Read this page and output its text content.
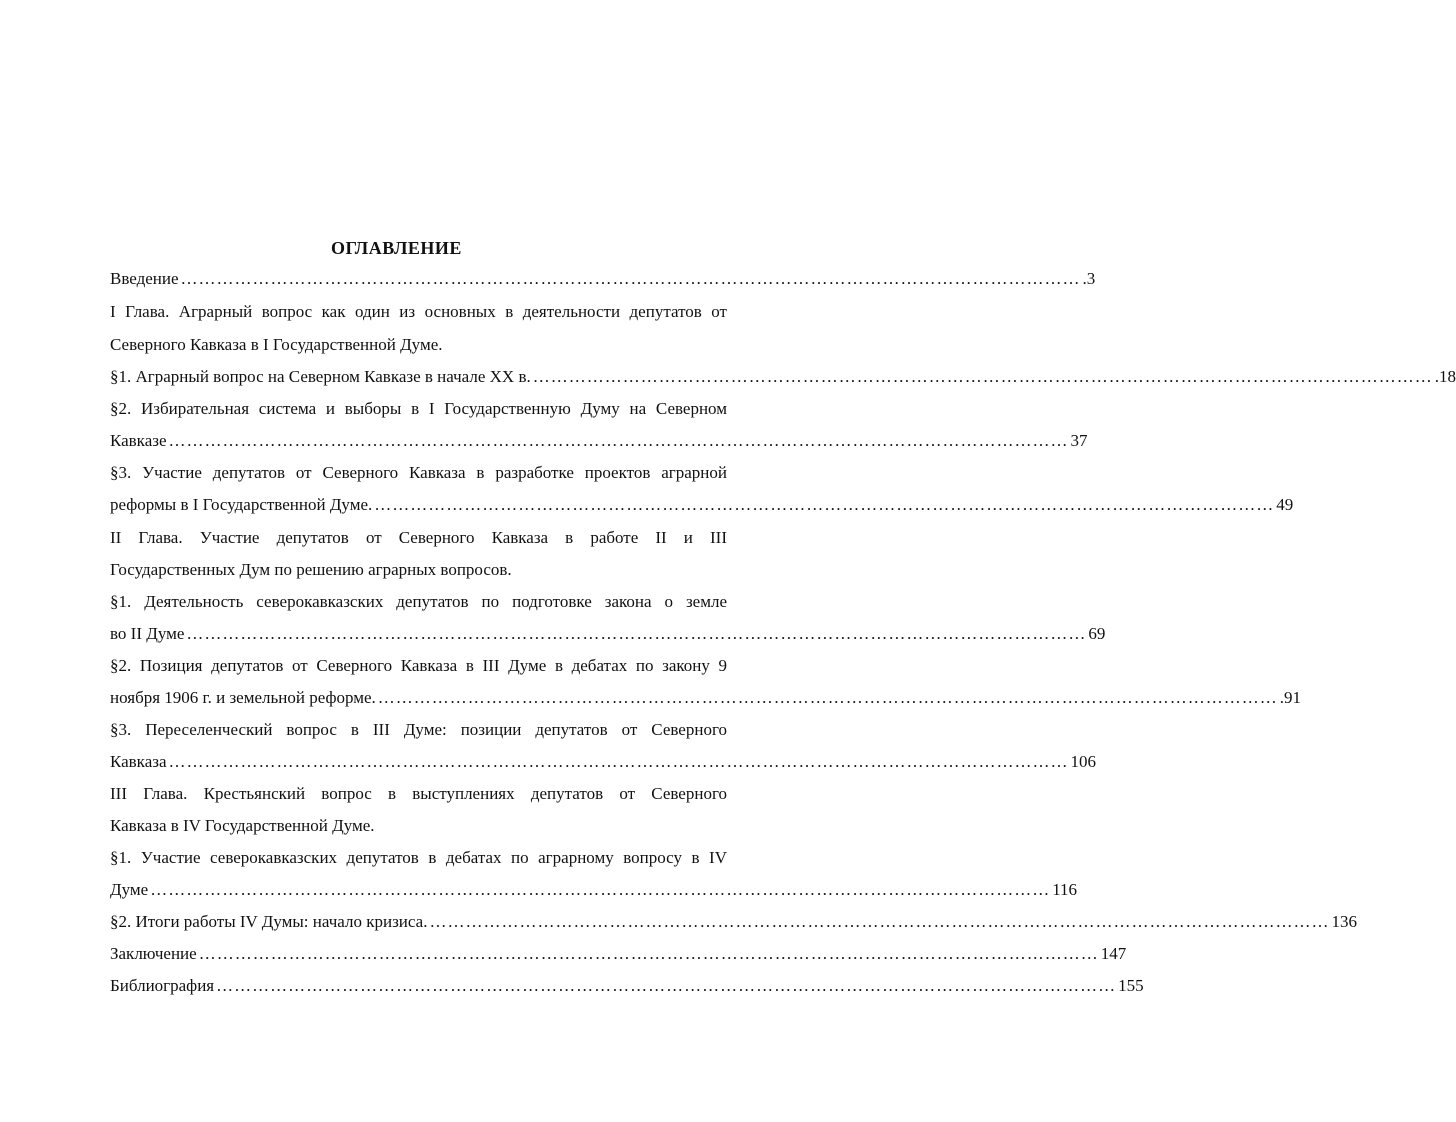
ОГЛАВЛЕНИЕ
Введение …………………………………………………………………………………………………………………………………… .3
I Глава. Аграрный вопрос как один из основных в деятельности депутатов от
Северного Кавказа в I Государственной Думе.
§1. Аграрный вопрос на Северном Кавказе в начале XX в. …………………………………………………………………………………………………………………………………… .18
§2. Избирательная система и выборы в I Государственную Думу на Северном
Кавказе …………………………………………………………………………………………………………………………………… 37
§3. Участие депутатов от Северного Кавказа в разработке проектов аграрной
реформы в I Государственной Думе. …………………………………………………………………………………………………………………………………… 49
II Глава. Участие депутатов от Северного Кавказа в работе II и III
Государственных Дум по решению аграрных вопросов.
§1. Деятельность северокавказских депутатов по подготовке закона о земле
во II Думе …………………………………………………………………………………………………………………………………… 69
§2. Позиция депутатов от Северного Кавказа в III Думе в дебатах по закону 9
ноября 1906 г. и земельной реформе. …………………………………………………………………………………………………………………………………… .91
§3. Переселенческий вопрос в III Думе: позиции депутатов от Северного
Кавказа …………………………………………………………………………………………………………………………………… 106
III Глава. Крестьянский вопрос в выступлениях депутатов от Северного
Кавказа в IV Государственной Думе.
§1. Участие северокавказских депутатов в дебатах по аграрному вопросу в IV
Думе …………………………………………………………………………………………………………………………………… 116
§2. Итоги работы IV Думы: начало кризиса. …………………………………………………………………………………………………………………………………… 136
Заключение …………………………………………………………………………………………………………………………………… 147
Библиография …………………………………………………………………………………………………………………………………… 155
